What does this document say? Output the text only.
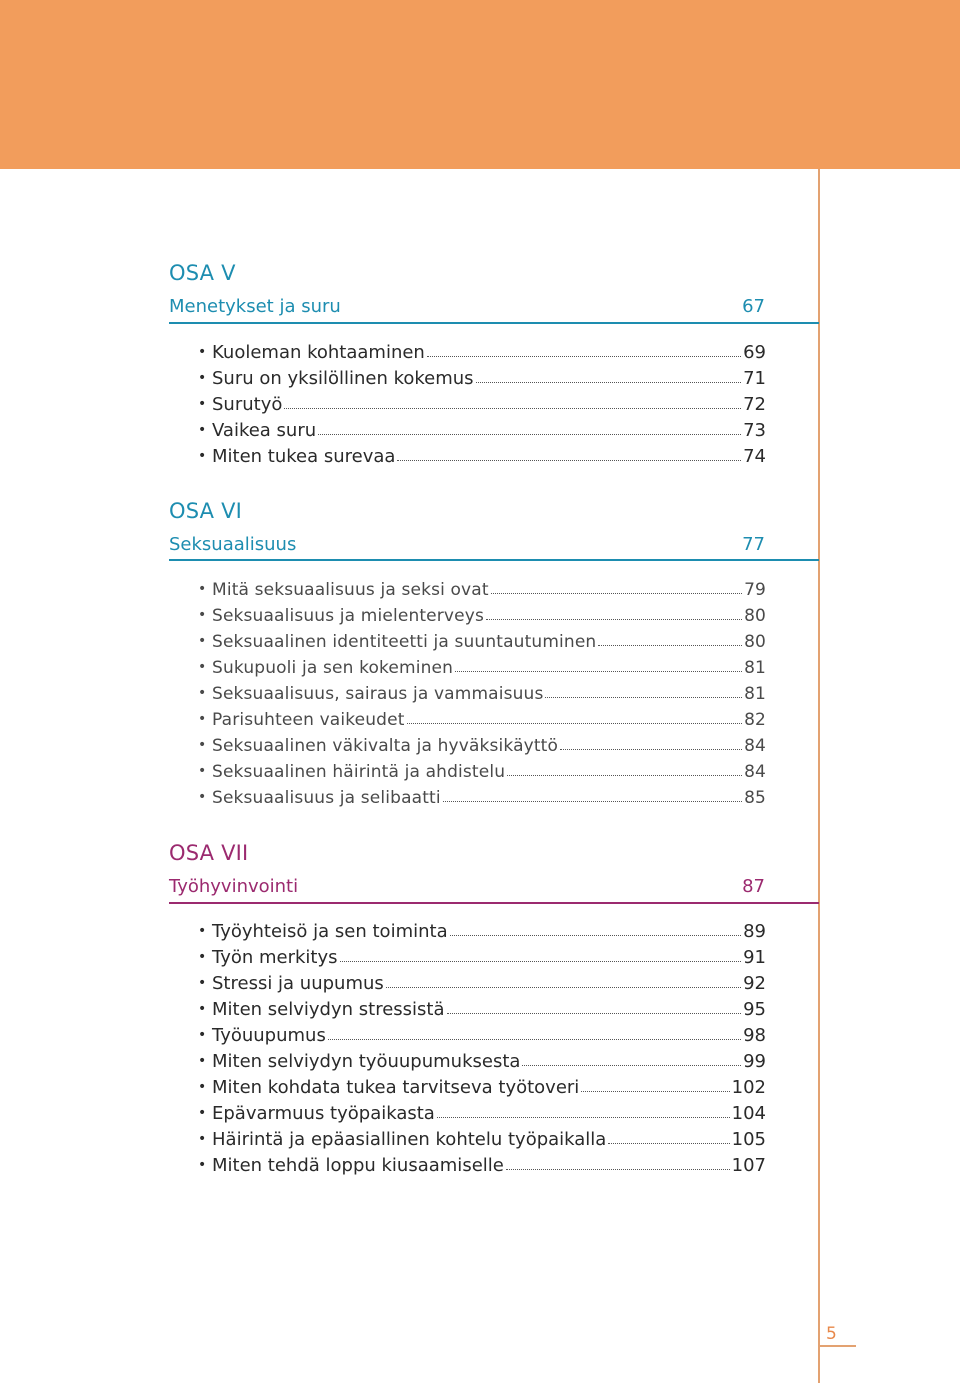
OSA V
Menetykset ja suru	67
• Kuoleman kohtaaminen	69
• Suru on yksilöllinen kokemus	71
• Surutyö	72
• Vaikea suru	73
• Miten tukea surevaa	74
OSA VI
Seksuaalisuus	77
• Mitä seksuaalisuus ja seksi ovat	79
• Seksuaalisuus ja mielenterveys	80
• Seksuaalinen identiteetti ja suuntautuminen	80
• Sukupuoli ja sen kokeminen	81
• Seksuaalisuus, sairaus ja vammaisuus	81
• Parisuhteen vaikeudet	82
• Seksuaalinen väkivalta ja hyväksikäyttö	84
• Seksuaalinen häirintä ja ahdistelu	84
• Seksuaalisuus ja selibaatti	85
OSA VII
Työhyvinvointi	87
• Työyhteisö ja sen toiminta	89
• Työn merkitys	91
• Stressi ja uupumus	92
• Miten selviydyn stressistä	95
• Työuupumus	98
• Miten selviydyn työuupumuksesta	99
• Miten kohdata tukea tarvitseva työtoveri	102
• Epävarmuus työpaikasta	104
• Häirintä ja epäasiallinen kohtelu työpaikalla	105
• Miten tehdä loppu kiusaamiselle	107
5
